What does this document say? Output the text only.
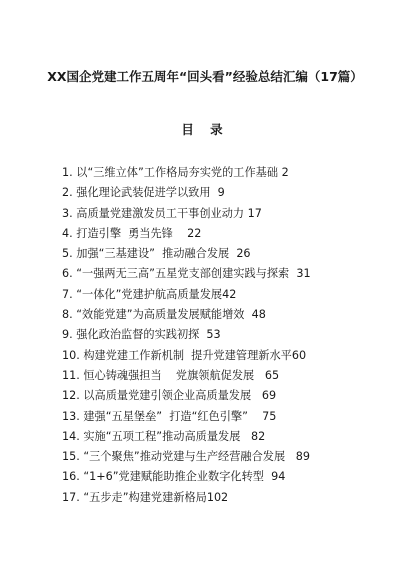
XX国企党建工作五周年“回头看”经验总结汇编（17篇）
目 录
1. 以“三维立体”工作格局夯实党的工作基础 2
2. 强化理论武装促进学以致用  9
3. 高质量党建激发员工干事创业动力 17
4. 打造引擎  勇当先锋    22
5. 加强“三基建设”  推动融合发展  26
6. “一强两无三高”五星党支部创建实践与探索  31
7. “一体化”党建护航高质量发展42
8. “效能党建”为高质量发展赋能增效  48
9. 强化政治监督的实践初探  53
10. 构建党建工作新机制  提升党建管理新水平60
11. 恒心铸魂强担当    党旗领航促发展   65
12. 以高质量党建引领企业高质量发展   69
13. 建强“五星堡垒”  打造“红色引擎”    75
14. 实施“五项工程”推动高质量发展   82
15. “三个聚焦”推动党建与生产经营融合发展   89
16. “1+6”党建赋能助推企业数字化转型  94
17. “五步走”构建党建新格局102
